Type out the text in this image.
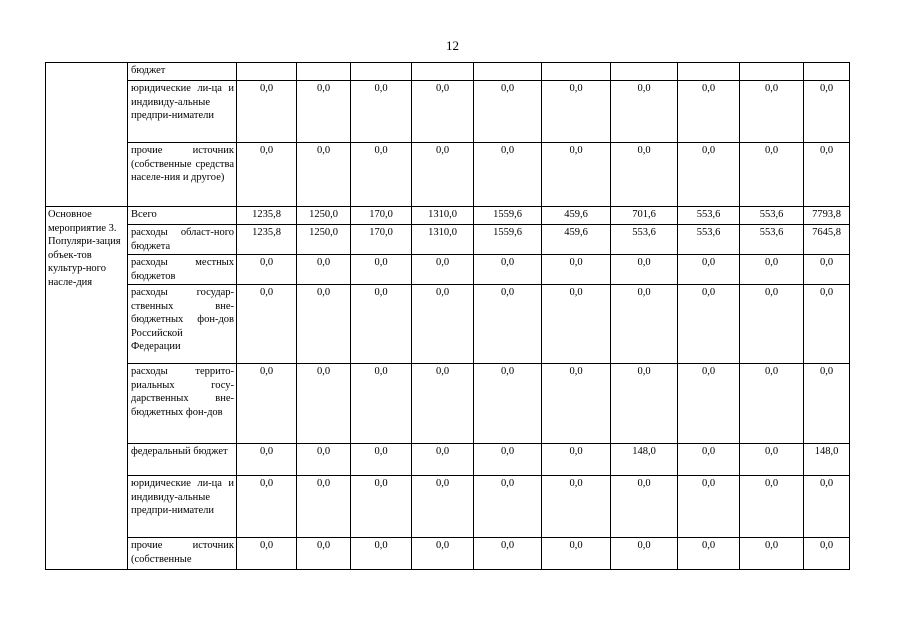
12
	бюджет										
	юридические ли-ца и индивиду-альные предпри-ниматели	0,0	0,0	0,0	0,0	0,0	0,0	0,0	0,0	0,0	0,0
	прочие источник (собственные средства населе-ния и другое)	0,0	0,0	0,0	0,0	0,0	0,0	0,0	0,0	0,0	0,0
Основное мероприятие 3. Популяри-зация объек-тов культур-ного насле-дия	Всего	1235,8	1250,0	170,0	1310,0	1559,6	459,6	701,6	553,6	553,6	7793,8
	расходы област-ного бюджета	1235,8	1250,0	170,0	1310,0	1559,6	459,6	553,6	553,6	553,6	7645,8
	расходы местных бюджетов	0,0	0,0	0,0	0,0	0,0	0,0	0,0	0,0	0,0	0,0
	расходы государ-ственных вне-бюджетных фон-дов Российской Федерации	0,0	0,0	0,0	0,0	0,0	0,0	0,0	0,0	0,0	0,0
	расходы террито-риальных госу-дарственных вне-бюджетных фон-дов	0,0	0,0	0,0	0,0	0,0	0,0	0,0	0,0	0,0	0,0
	федеральный бюджет	0,0	0,0	0,0	0,0	0,0	0,0	148,0	0,0	0,0	148,0
	юридические ли-ца и индивиду-альные предпри-ниматели	0,0	0,0	0,0	0,0	0,0	0,0	0,0	0,0	0,0	0,0
	прочие источник (собственные	0,0	0,0	0,0	0,0	0,0	0,0	0,0	0,0	0,0	0,0
